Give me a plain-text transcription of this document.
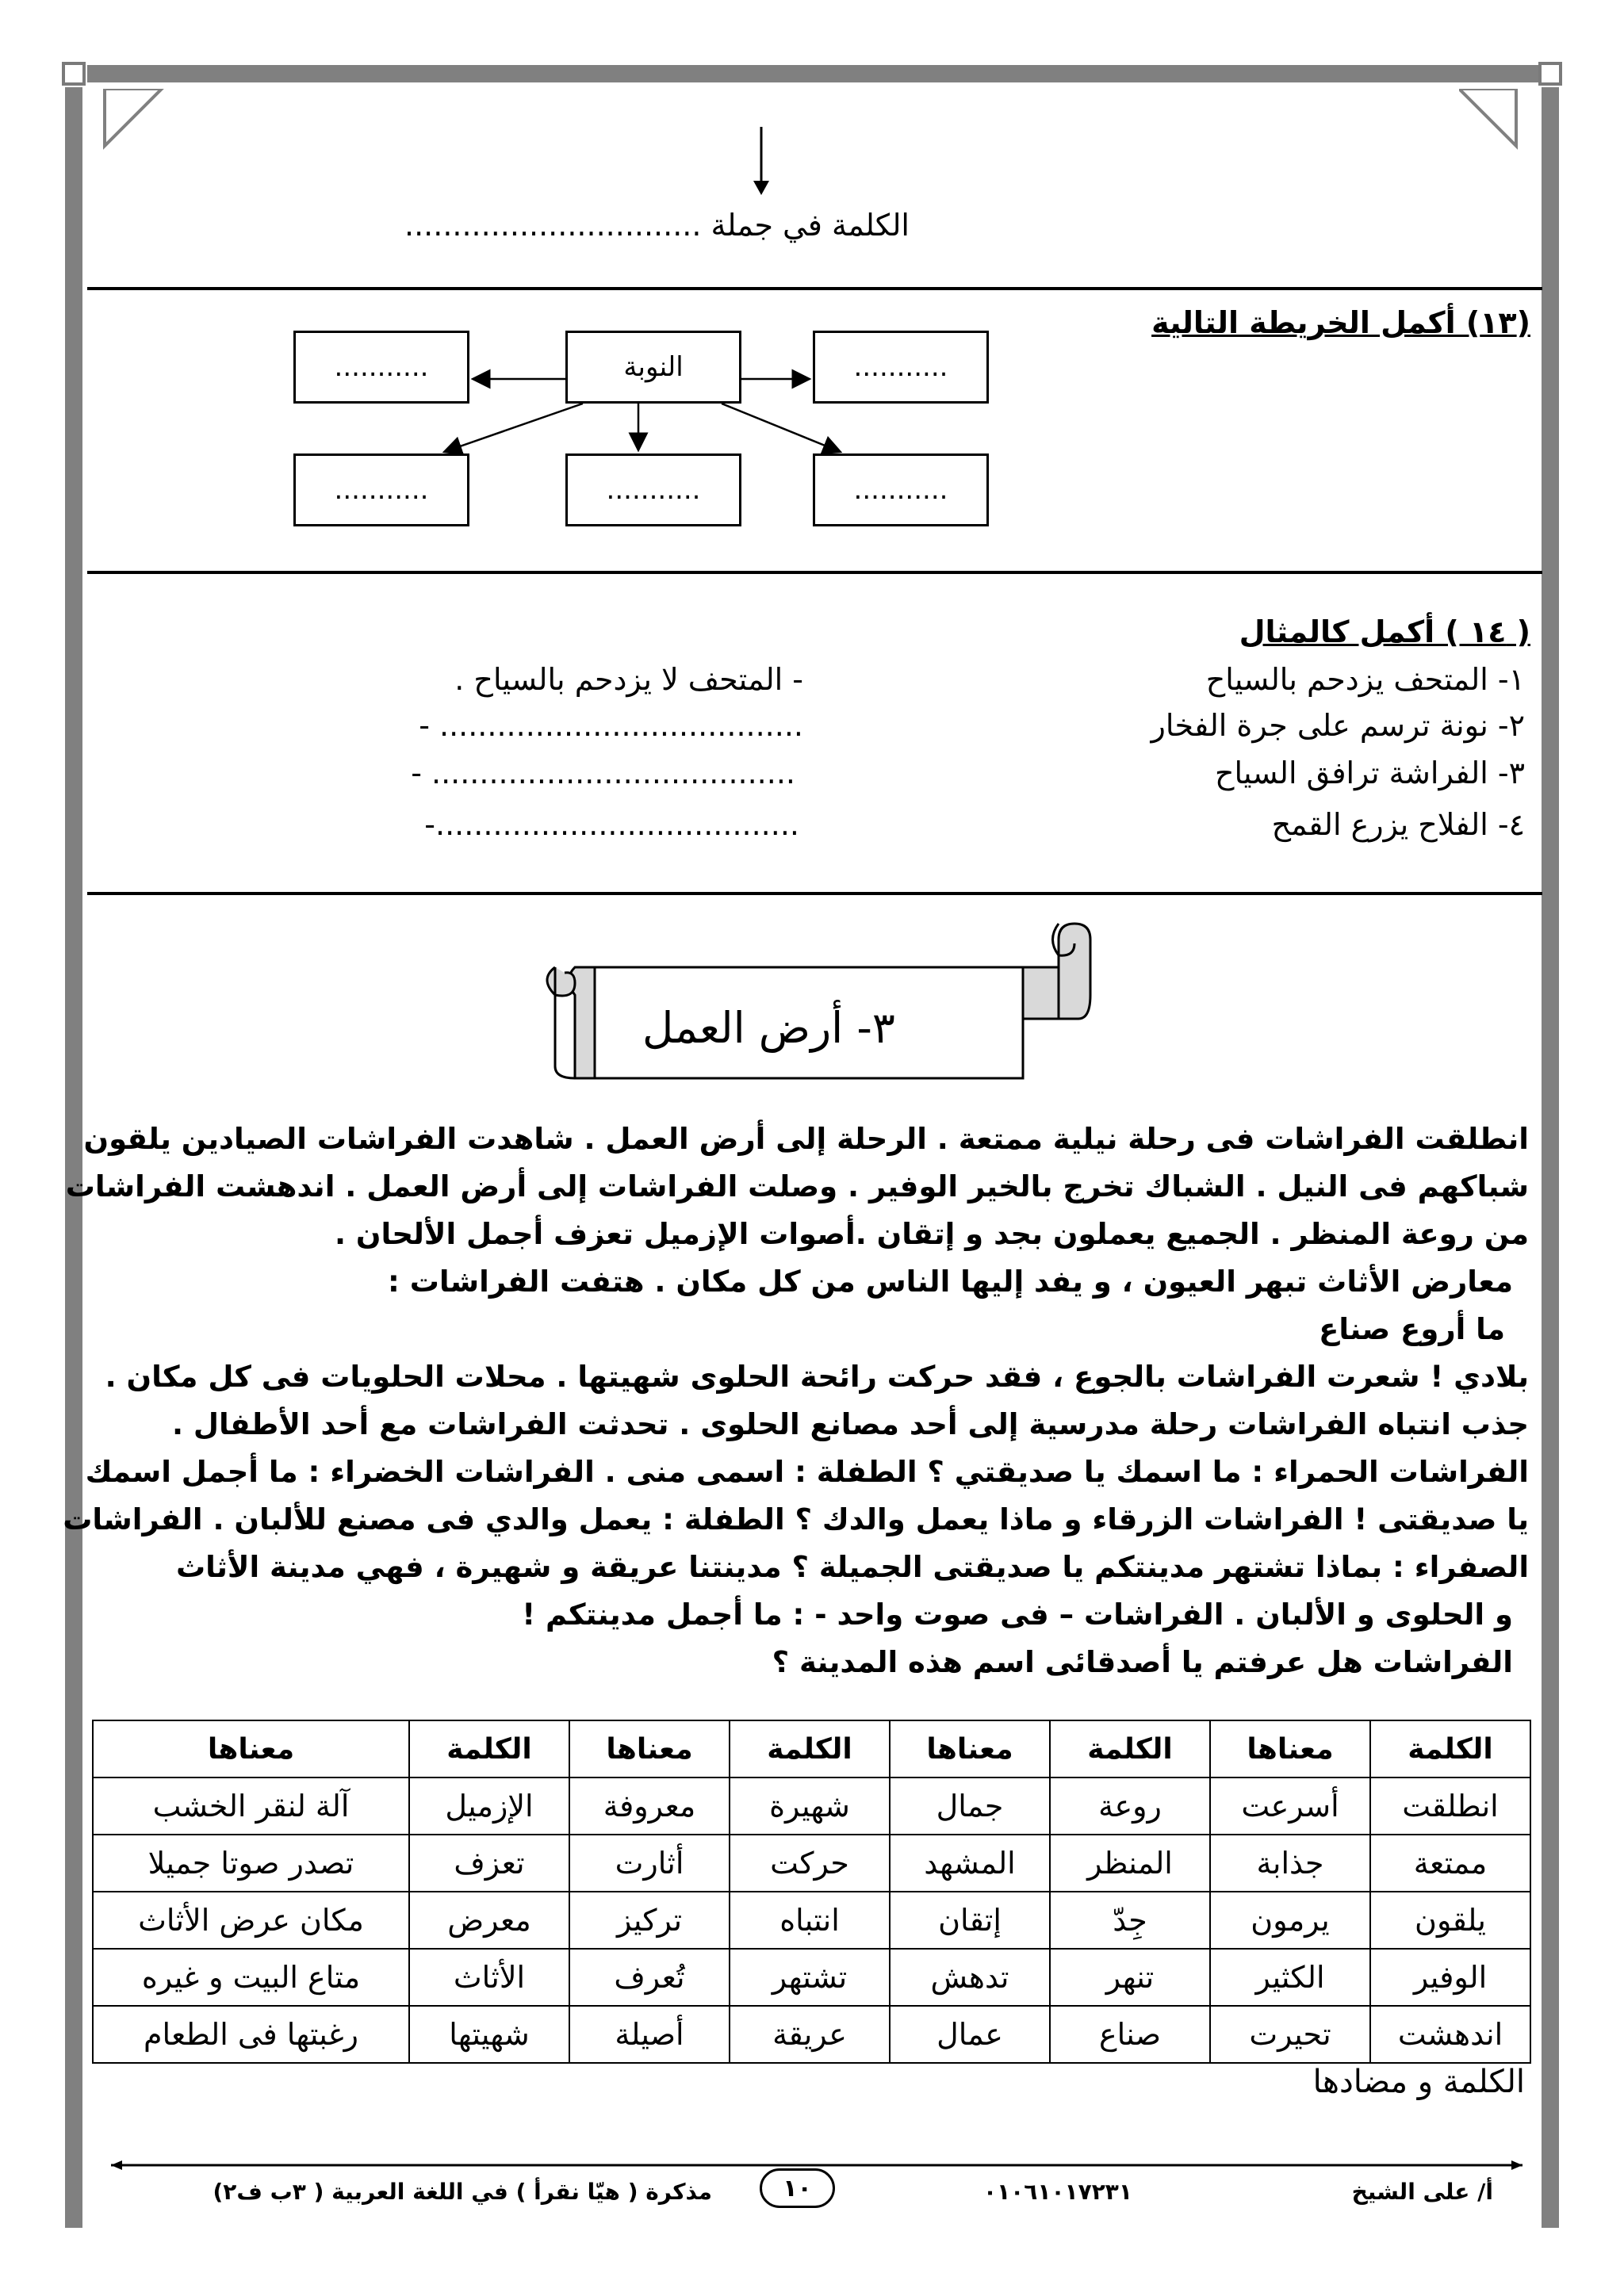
الكلمة في جملة ...............................
(١٣) أكمل الخريطة التالية
...........	النوبة	...........
...........	...........	...........
( ١٤ ) أكمل كالمثال
١- المتحف يزدحم بالسياح
- المتحف لا يزدحم بالسياح .
٢- نونة ترسم على جرة الفخار
- ......................................
٣- الفراشة ترافق السياح
- ......................................
٤- الفلاح يزرع القمح
-......................................
٣- أرض العمل
انطلقت الفراشات فى رحلة نيلية ممتعة . الرحلة إلى أرض العمل . شاهدت الفراشات الصيادين يلقون
شباكهم فى النيل . الشباك تخرج بالخير الوفير . وصلت الفراشات إلى أرض العمل . اندهشت الفراشات
من روعة المنظر . الجميع يعملون بجد و إتقان .أصوات الإزميل تعزف أجمل الألحان .
معارض الأثاث تبهر العيون ، و يفد إليها الناس من كل مكان . هتفت الفراشات :
ما أروع صناع
بلادي ! شعرت الفراشات بالجوع ، فقد حركت رائحة الحلوى شهيتها . محلات الحلويات فى كل مكان .
جذب انتباه الفراشات رحلة مدرسية إلى أحد مصانع الحلوى . تحدثت الفراشات مع أحد الأطفال .
الفراشات الحمراء : ما اسمك يا صديقتي ؟ الطفلة : اسمى منى . الفراشات الخضراء : ما أجمل اسمك
يا صديقتى ! الفراشات الزرقاء و ماذا يعمل والدك ؟ الطفلة : يعمل والدي فى مصنع للألبان . الفراشات
الصفراء : بماذا تشتهر مدينتكم يا صديقتى الجميلة ؟ مدينتنا عريقة و شهيرة ، فهي مدينة الأثاث
و الحلوى و الألبان . الفراشات – فى صوت واحد - : ما أجمل مدينتكم !
الفراشات هل عرفتم يا أصدقائى اسم هذه المدينة ؟
الكلمة	معناها	الكلمة	معناها	الكلمة	معناها	الكلمة	معناها
انطلقت	أسرعت	روعة	جمال	شهيرة	معروفة	الإزميل	آلة لنقر الخشب
ممتعة	جذابة	المنظر	المشهد	حركت	أثارت	تعزف	تصدر صوتا جميلا
يلقون	يرمون	جِدّ	إتقان	انتباه	تركيز	معرض	مكان عرض الأثاث
الوفير	الكثير	تنهر	تدهش	تشتهر	تُعرف	الأثاث	متاع البيت و غيره
اندهشت	تحيرت	صناع	عمال	عريقة	أصيلة	شهيتها	رغبتها فى الطعام
الكلمة و مضادها
أ/ على الشيخ
٠١٠٦١٠١٧٢٣١
١٠
مذكرة ( هيّا نقرأ ) في اللغة العربية ( ٣ب ف٢)
